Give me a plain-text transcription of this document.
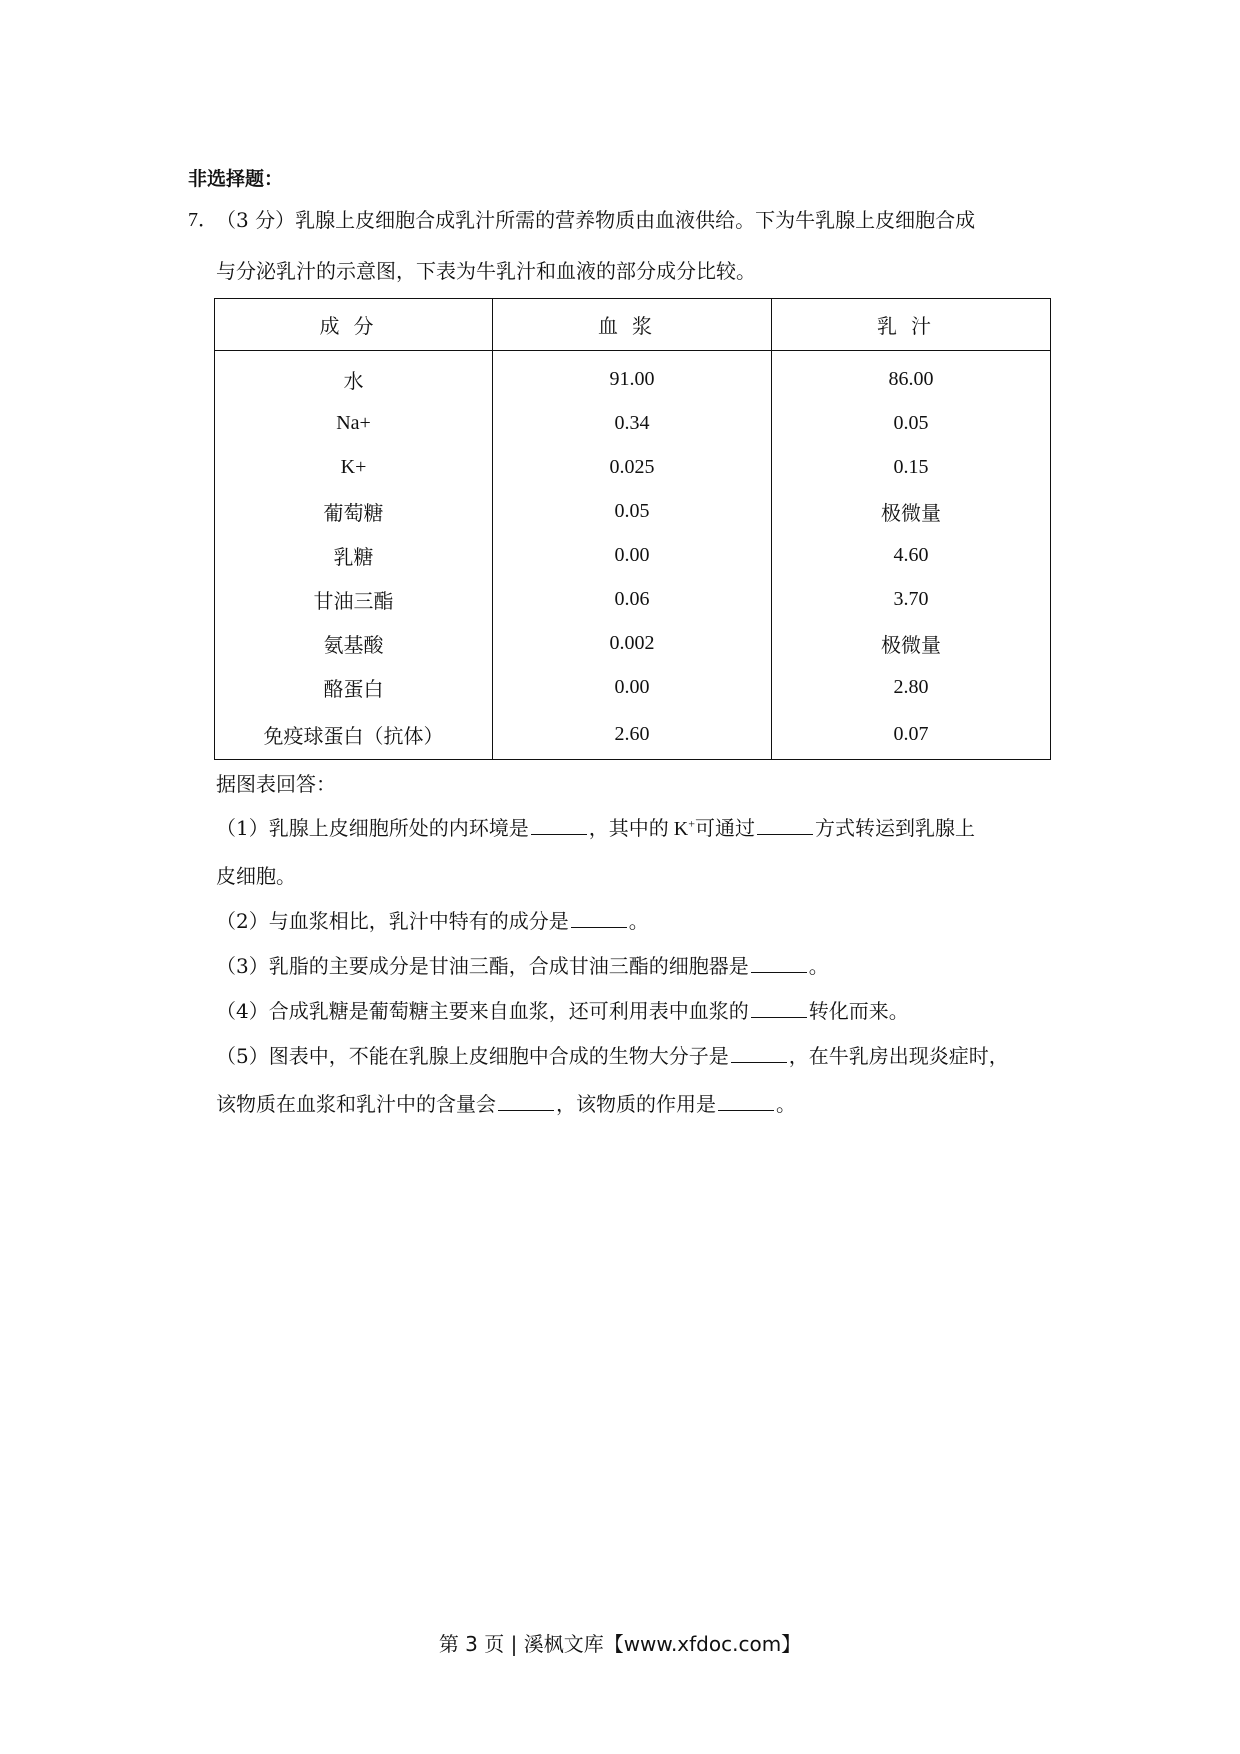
非选择题：
7．
（3 分）乳腺上皮细胞合成乳汁所需的营养物质由血液供给。下为牛乳腺上皮细胞合成
与分泌乳汁的示意图，下表为牛乳汁和血液的部分成分比较。
成分	血浆	乳汁
水	91.00	86.00
Na+	0.34	0.05
K+	0.025	0.15
葡萄糖	0.05	极微量
乳糖	0.00	4.60
甘油三酯	0.06	3.70
氨基酸	0.002	极微量
酪蛋白	0.00	2.80
免疫球蛋白（抗体）	2.60	0.07
据图表回答：
（1）乳腺上皮细胞所处的内环境是	，其中的 K+可通过	方式转运到乳腺上
皮细胞。
（2）与血浆相比，乳汁中特有的成分是	。
（3）乳脂的主要成分是甘油三酯，合成甘油三酯的细胞器是	。
（4）合成乳糖是葡萄糖主要来自血浆，还可利用表中血浆的	转化而来。
（5）图表中，不能在乳腺上皮细胞中合成的生物大分子是	，在牛乳房出现炎症时，
该物质在血浆和乳汁中的含量会	，该物质的作用是	。
第 3 页 | 溪枫文库【www.xfdoc.com】
